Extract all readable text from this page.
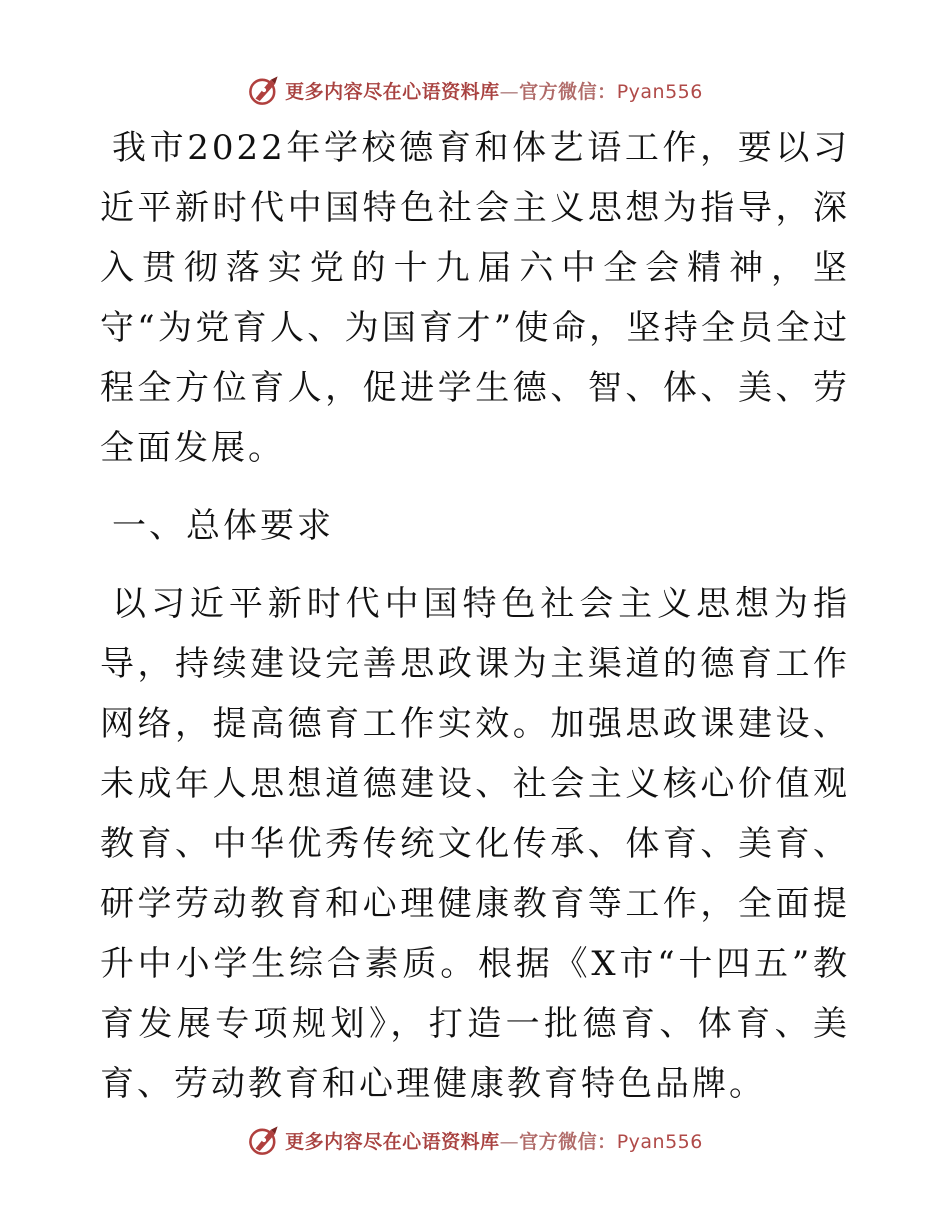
更多内容尽在心语资料库—官方微信：Pyan556

我市2022年学校德育和体艺语工作，要以习近平新时代中国特色社会主义思想为指导，深入贯彻落实党的十九届六中全会精神，坚守“为党育人、为国育才”使命，坚持全员全过程全方位育人，促进学生德、智、体、美、劳全面发展。

一、总体要求

以习近平新时代中国特色社会主义思想为指导，持续建设完善思政课为主渠道的德育工作网络，提高德育工作实效。加强思政课建设、未成年人思想道德建设、社会主义核心价值观教育、中华优秀传统文化传承、体育、美育、研学劳动教育和心理健康教育等工作，全面提升中小学生综合素质。根据《X市“十四五”教育发展专项规划》，打造一批德育、体育、美育、劳动教育和心理健康教育特色品牌。

更多内容尽在心语资料库—官方微信：Pyan556
